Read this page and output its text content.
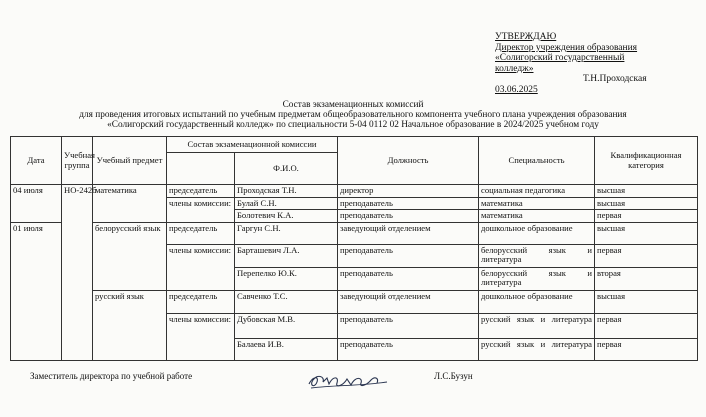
УТВЕРЖДАЮ
Директор учреждения образования
«Солигорский государственный
колледж»
Т.Н.Проходская
03.06.2025
Состав экзаменационных комиссий
для проведения итоговых испытаний по учебным предметам общеобразовательного компонента учебного плана учреждения образования
«Солигорский государственный колледж» по специальности 5-04 0112 02 Начальное образование в 2024/2025 учебном году
Дата	Учебная группа	Учебный предмет	Состав экзаменационной комиссии		Должность	Специальность	Квалификационная категория
				Ф.И.О.			
04 июля	НО-242б	математика	председатель	Проходская Т.Н.	директор	социальная педагогика	высшая
			члены комиссии:	Булай С.Н.	преподаватель	математика	высшая
				Болотевич К.А.	преподаватель	математика	первая
01 июля		белорусский язык	председатель	Гаргун С.Н.	заведующий отделением	дошкольное образование	высшая
			члены комиссии:	Барташевич Л.А.	преподаватель	белорусский язык и литература	первая
				Перепелко Ю.К.	преподаватель	белорусский язык и литература	вторая
		русский язык	председатель	Савченко Т.С.	заведующий отделением	дошкольное образование	высшая
			члены комиссии:	Дубовская М.В.	преподаватель	русский язык и литература	первая
				Балаева И.В.	преподаватель	русский язык и литература	первая
Заместитель директора по учебной работе	Л.С.Бузун
